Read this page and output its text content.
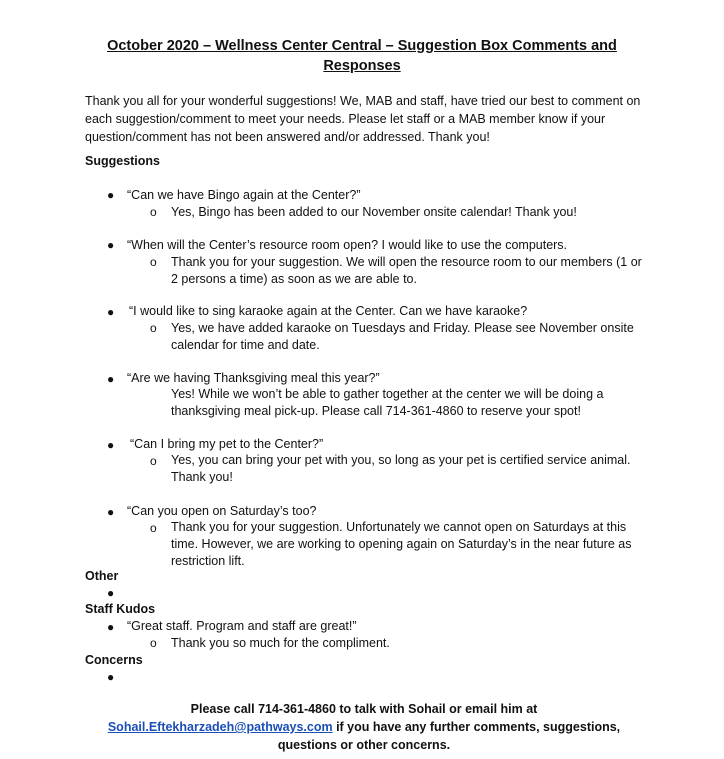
October 2020 – Wellness Center Central – Suggestion Box Comments and Responses
Thank you all for your wonderful suggestions! We, MAB and staff, have tried our best to comment on each suggestion/comment to meet your needs. Please let staff or a MAB member know if your question/comment has not been answered and/or addressed. Thank you!
Suggestions
● “Can we have Bingo again at the Center?”
o Yes, Bingo has been added to our November onsite calendar! Thank you!
● “When will the Center’s resource room open? I would like to use the computers.
o Thank you for your suggestion. We will open the resource room to our members (1 or 2 persons a time) as soon as we are able to.
● “I would like to sing karaoke again at the Center. Can we have karaoke?
o Yes, we have added karaoke on Tuesdays and Friday. Please see November onsite calendar for time and date.
● “Are we having Thanksgiving meal this year?”
Yes! While we won’t be able to gather together at the center we will be doing a thanksgiving meal pick-up. Please call 714-361-4860 to reserve your spot!
● “Can I bring my pet to the Center?”
o Yes, you can bring your pet with you, so long as your pet is certified service animal. Thank you!
● “Can you open on Saturday’s too?
o Thank you for your suggestion. Unfortunately we cannot open on Saturdays at this time. However, we are working to opening again on Saturday’s in the near future as restriction lift.
Other
●
Staff Kudos
● “Great staff. Program and staff are great!”
o Thank you so much for the compliment.
Concerns
●
Please call 714-361-4860 to talk with Sohail or email him at Sohail.Eftekharzadeh@pathways.com if you have any further comments, suggestions, questions or other concerns.
